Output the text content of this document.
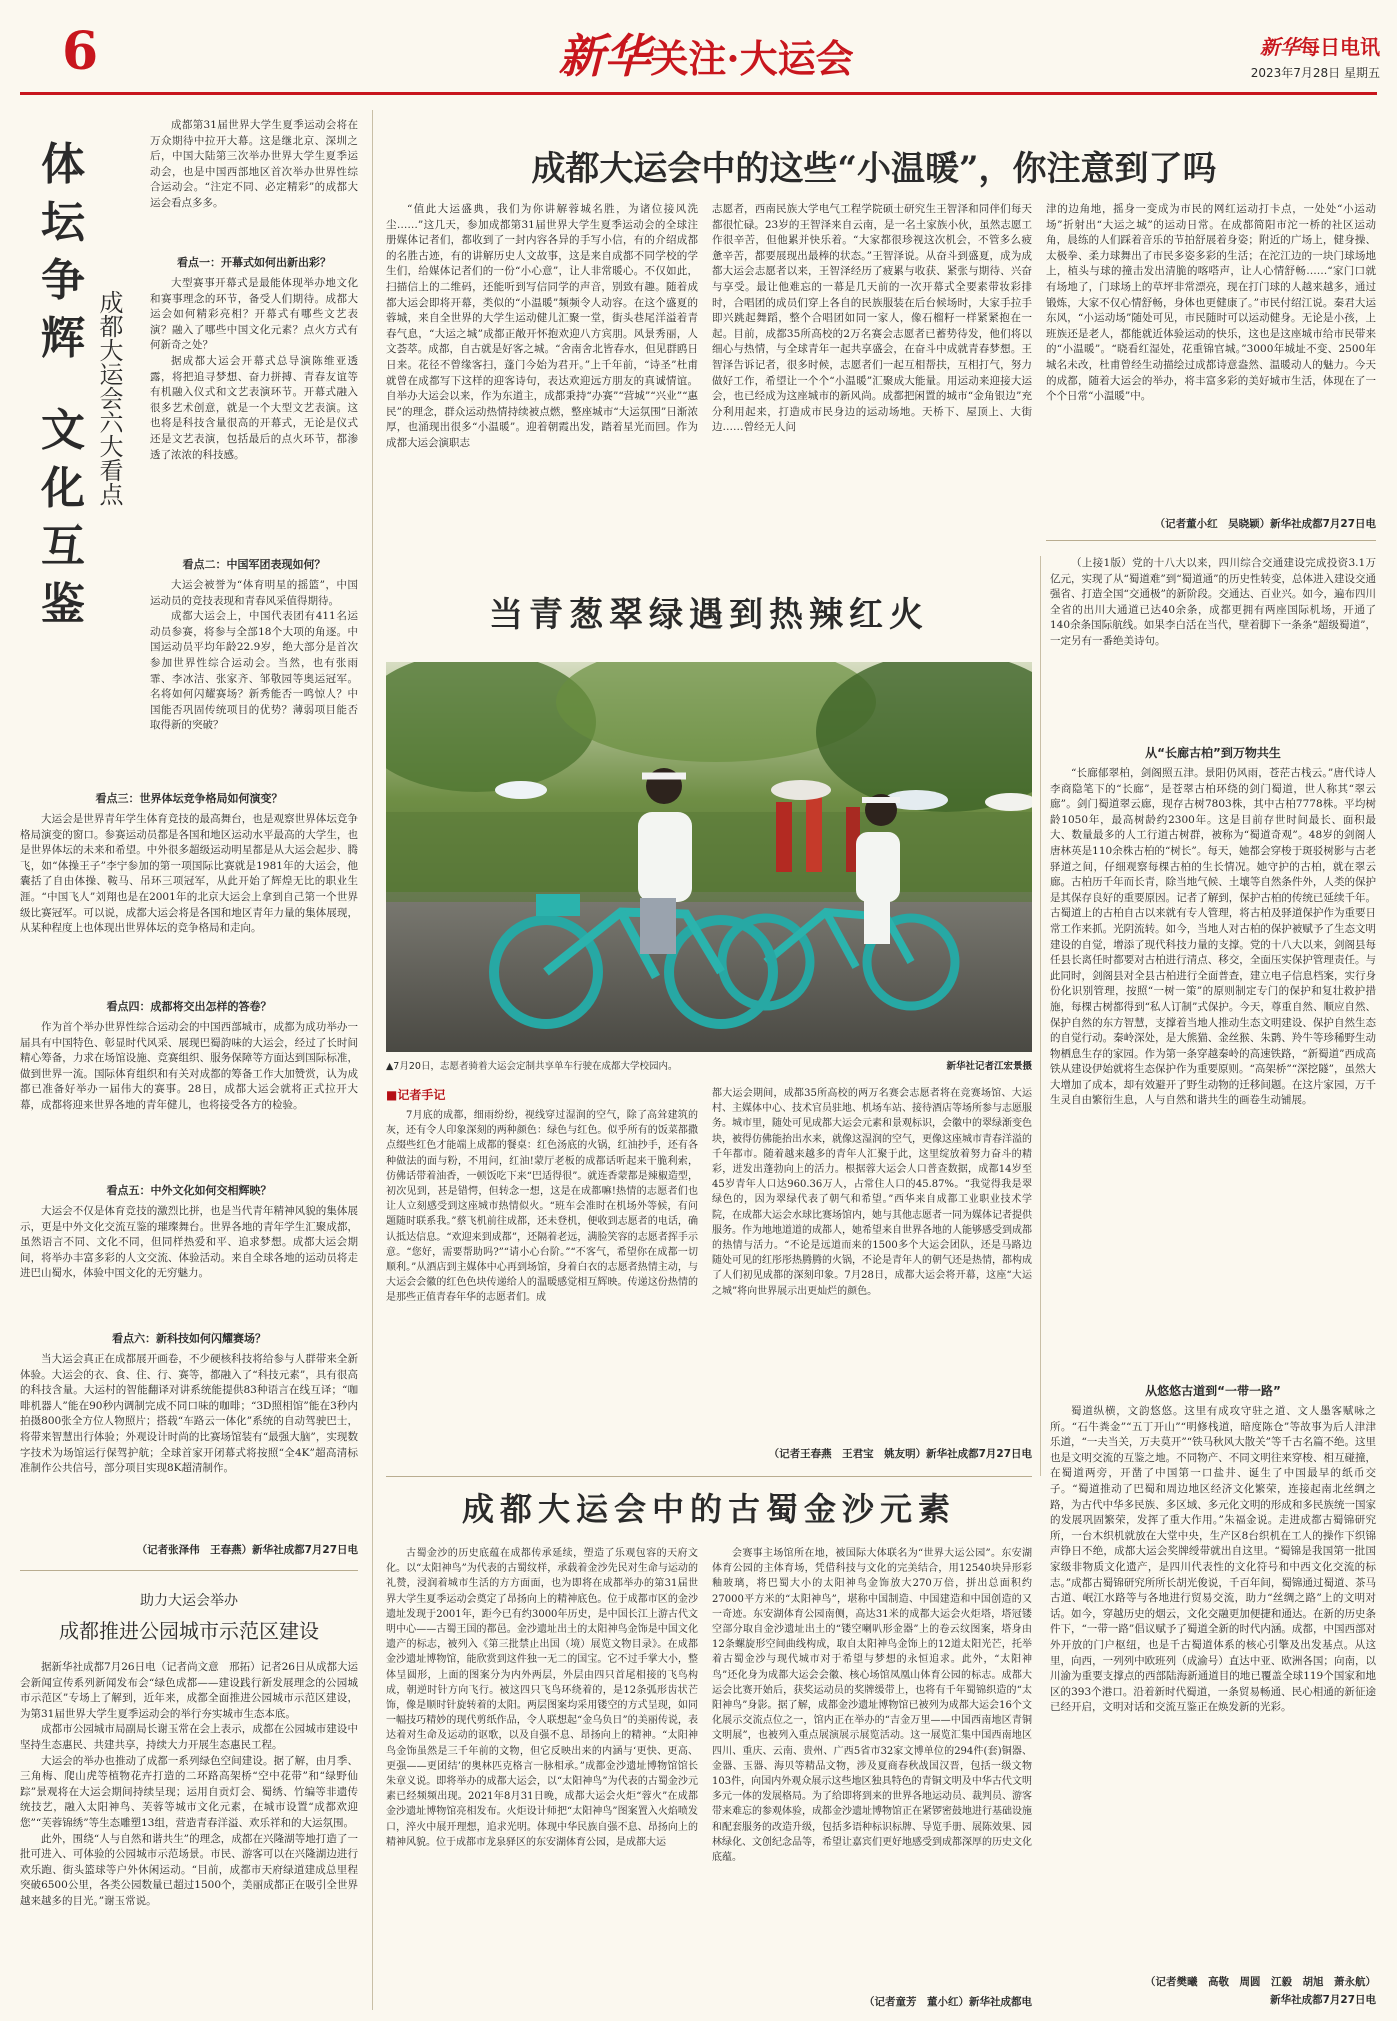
6	新华关注·大运会	新华每日电讯
2023年7月28日 星期五
体
坛
争
辉
文
化
互
鉴
成都大运会六大看点

成都第31届世界大学生夏季运动会将在万众期待中拉开大幕。这是继北京、深圳之后，中国大陆第三次举办世界大学生夏季运动会，也是中国西部地区首次举办世界性综合运动会。“注定不同、必定精彩”的成都大运会看点多多。

看点一：开幕式如何出新出彩？

大型赛事开幕式是最能体现举办地文化和赛事理念的环节，备受人们期待。成都大运会如何精彩亮相？开幕式有哪些文艺表演？融入了哪些中国文化元素？点火方式有何新奇之处？

据成都大运会开幕式总导演陈维亚透露，将把追寻梦想、奋力拼搏、青春友谊等有机融入仪式和文艺表演环节。开幕式融入很多艺术创意，就是一个大型文艺表演。这也将是科技含量很高的开幕式，无论是仪式还是文艺表演，包括最后的点火环节，都渗透了浓浓的科技感。

看点二：中国军团表现如何？

大运会被誉为“体育明星的摇篮”，中国运动员的竞技表现和青春风采值得期待。

成都大运会上，中国代表团有411名运动员参赛，将参与全部18个大项的角逐。中国运动员平均年龄22.9岁，绝大部分是首次参加世界性综合运动会。当然，也有张雨霏、李冰洁、张家齐、邹敬园等奥运冠军。名将如何闪耀赛场？新秀能否一鸣惊人？中国能否巩固传统项目的优势？薄弱项目能否取得新的突破？

看点三：世界体坛竞争格局如何演变？

大运会是世界青年学生体育竞技的最高舞台，也是观察世界体坛竞争格局演变的窗口。参赛运动员都是各国和地区运动水平最高的大学生，也是世界体坛的未来和希望。中外很多超级运动明星都是从大运会起步、腾飞，如“体操王子”李宁参加的第一项国际比赛就是1981年的大运会，他囊括了自由体操、鞍马、吊环三项冠军，从此开始了辉煌无比的职业生涯。“中国飞人”刘翔也是在2001年的北京大运会上拿到自己第一个世界级比赛冠军。可以说，成都大运会将是各国和地区青年力量的集体展现，从某种程度上也体现出世界体坛的竞争格局和走向。

看点四：成都将交出怎样的答卷？

作为首个举办世界性综合运动会的中国西部城市，成都为成功举办一届具有中国特色、彰显时代风采、展现巴蜀韵味的大运会，经过了长时间精心筹备，力求在场馆设施、竞赛组织、服务保障等方面达到国际标准，做到世界一流。国际体育组织和有关对成都的筹备工作大加赞赏，认为成都已准备好举办一届伟大的赛事。28日，成都大运会就将正式拉开大幕，成都将迎来世界各地的青年健儿，也将接受各方的检验。

看点五：中外文化如何交相辉映？

大运会不仅是体育竞技的激烈比拼，也是当代青年精神风貌的集体展示，更是中外文化交流互鉴的璀璨舞台。世界各地的青年学生汇聚成都，虽然语言不同、文化不同，但同样热爱和平、追求梦想。成都大运会期间，将举办丰富多彩的人文交流、体验活动。来自全球各地的运动员将走进巴山蜀水，体验中国文化的无穷魅力。

看点六：新科技如何闪耀赛场？

当大运会真正在成都展开画卷，不少硬核科技将给参与人群带来全新体验。大运会的衣、食、住、行、赛等，都融入了“科技元素”，具有很高的科技含量。大运村的智能翻译对讲系统能提供83种语言在线互译；“咖啡机器人”能在90秒内调制完成不同口味的咖啡；“3D照相馆”能在3秒内拍摄800张全方位人物照片；搭载“车路云一体化”系统的自动驾驶巴士，将带来智慧出行体验；外观设计时尚的比赛场馆装有“最强大脑”，实现数字技术为场馆运行保驾护航；全球首家开闭幕式将按照“全4K”超高清标准制作公共信号，部分项目实现8K超清制作。

（记者张泽伟　王春燕）新华社成都7月27日电
助力大运会举办
成都推进公园城市示范区建设

据新华社成都7月26日电（记者尚文意　邢拓）记者26日从成都大运会新闻宣传系列新闻发布会“绿色成都——建设践行新发展理念的公园城市示范区”专场上了解到，近年来，成都全面推进公园城市示范区建设，为第31届世界大学生夏季运动会的举行夯实城市生态本底。

成都市公园城市局副局长谢玉常在会上表示，成都在公园城市建设中坚持生态惠民、共建共享，持续大力开展生态惠民工程。

大运会的举办也推动了成都一系列绿色空间建设。据了解，由月季、三角梅、爬山虎等植物花卉打造的二环路高架桥“空中花带”和“绿野仙踪”景观将在大运会期间持续呈现；运用自贡灯会、蜀绣、竹编等非遗传统技艺，融入太阳神鸟、芙蓉等城市文化元素，在城市设置“成都欢迎您”“芙蓉锦绣”等生态雕塑13组，营造青春洋溢、欢乐祥和的大运氛围。

此外，围绕“人与自然和谐共生”的理念，成都在兴隆湖等地打造了一批可进入、可体验的公园城市示范场景。市民、游客可以在兴隆湖边进行欢乐跑、街头篮球等户外休闲运动。“目前，成都市天府绿道建成总里程突破6500公里，各类公园数量已超过1500个，美丽成都正在吸引全世界越来越多的目光。”谢玉常说。

成都大运会中的这些“小温暖”，你注意到了吗

“值此大运盛典，我们为你讲解蓉城名胜，为诸位接风洗尘……”这几天，参加成都第31届世界大学生夏季运动会的全球注册媒体记者们，都收到了一封内容各异的手写小信，有的介绍成都的名胜古迹，有的讲解历史人文故事，这是来自成都不同学校的学生们，给媒体记者们的一份“小心意”，让人非常暖心。不仅如此，扫描信上的二维码，还能听到写信同学的声音，别致有趣。随着成都大运会即将开幕，类似的“小温暖”频频令人动容。在这个盛夏的蓉城，来自全世界的大学生运动健儿汇聚一堂，街头巷尾洋溢着青春气息，“大运之城”成都正敞开怀抱欢迎八方宾朋。风景秀丽，人文荟萃。成都，自古就是好客之城。“舍南舍北皆春水，但见群鸥日日来。花径不曾缘客扫，蓬门今始为君开。”上千年前，“诗圣”杜甫就曾在成都写下这样的迎客诗句，表达欢迎远方朋友的真诚情谊。自举办大运会以来，作为东道主，成都秉持“办赛”“营城”“兴业”“惠民”的理念，群众运动热情持续被点燃，整座城市“大运氛围”日渐浓厚，也涌现出很多“小温暖”。迎着朝霞出发，踏着星光而回。作为成都大运会演职志

志愿者，西南民族大学电气工程学院硕士研究生王智泽和同伴们每天都很忙碌。23岁的王智泽来自云南，是一名土家族小伙，虽然志愿工作很辛苦，但他累并快乐着。“大家都很珍视这次机会，不管多么疲惫辛苦，都要展现出最棒的状态。”王智泽说。从奋斗到盛夏，成为成都大运会志愿者以来，王智泽经历了疲累与收获、紧张与期待、兴奋与享受。最让他难忘的一幕是几天前的一次开幕式全要素带妆彩排时，合唱团的成员们穿上各自的民族服装在后台候场时，大家手拉手即兴跳起舞蹈，整个合唱团如同一家人，像石榴籽一样紧紧抱在一起。目前，成都35所高校的2万名赛会志愿者已蓄势待发，他们将以细心与热情，与全球青年一起共享盛会，在奋斗中成就青春梦想。王智泽告诉记者，很多时候，志愿者们一起互相帮扶，互相打气，努力做好工作，希望让一个个“小温暖”汇聚成大能量。用运动来迎接大运会，也已经成为这座城市的新风尚。成都把闲置的城市“金角银边”充分利用起来，打造成市民身边的运动场地。天桥下、屋顶上、大街边……曾经无人问

津的边角地，摇身一变成为市民的网红运动打卡点，一处处“小运动场”折射出“大运之城”的运动日常。在成都简阳市沱一桥的社区运动角，晨练的人们踩着音乐的节拍舒展着身姿；附近的广场上，健身操、太极拳、柔力球舞出了市民多姿多彩的生活；在沱江边的一块门球场地上，植头与球的撞击发出清脆的喀嗒声，让人心情舒畅……“家门口就有场地了，门球场上的草坪非常漂亮，现在打门球的人越来越多，通过锻炼，大家不仅心情舒畅，身体也更健康了。”市民付绍江说。秦君大运东风，“小运动场”随处可见，市民随时可以运动健身。无论是小孩，上班族还是老人，都能就近体验运动的快乐，这也是这座城市给市民带来的“小温暖”。“晓看红湿处，花重锦官城。”3000年城址不变、2500年城名未改，杜甫曾经生动描绘过成都诗意盎然、温暖动人的魅力。今天的成都，随着大运会的举办，将丰富多彩的美好城市生活，体现在了一个个日常“小温暖”中。

（记者董小红　吴晓颖）新华社成都7月27日电
当青葱翠绿遇到热辣红火
▲7月20日，志愿者骑着大运会定制共享单车行驶在成都大学校园内。	新华社记者江宏景摄
■记者手记

7月底的成都，细雨纷纷，视线穿过湿润的空气，除了高耸建筑的灰，还有令人印象深刻的两种颜色：绿色与红色。似乎所有的饭菜都撒点缀些红色才能端上成都的餐桌：红色汤底的火锅，红油抄手，还有各种做法的面与粉，不用问，红油!蒙厅老板的成都话听起来干脆利索，仿佛话带着油香，一顿饭吃下来“巴适得很”。就连香蒙都是辣椒造型，初次见到，甚是错愕，但转念一想，这是在成都嘛!热情的志愿者们也让人立刻感受到这座城市热情似火。“班车会准时在机场外等候，有问题随时联系我。”蔡飞机前往成都，还未登机，便收到志愿者的电话，确认抵达信息。“欢迎来到成都”，还隔着老远，满脸笑容的志愿者挥手示意。“您好，需要帮助吗?”“请小心台阶。”“不客气，希望你在成都一切顺利。”从酒店到主媒体中心再到场馆，身着白衣的志愿者热情主动，与大运会会徽的红色色块传递给人的温暖感觉相互辉映。传递这份热情的是那些正值青春年华的志愿者们。成

都大运会期间，成都35所高校的两万名赛会志愿者将在竞赛场馆、大运村、主媒体中心、技术官员驻地、机场车站、接待酒店等场所参与志愿服务。城市里，随处可见成都大运会元素和景观标识，会徽中的翠绿渐变色块，被得仿佛能抬出水来，就像这湿润的空气，更像这座城市青春洋溢的千年都市。随着越来越多的青年人汇聚于此，这里绽放着努力奋斗的精彩，迸发出蓬勃向上的活力。根据蓉大运会人口普查数据，成都14岁至45岁青年人口达960.36万人，占常住人口的45.87%。“我觉得我是翠绿色的，因为翠绿代表了朝气和希望。”西华来自成都工业职业技术学院，在成都大运会水球比赛场馆内，她与其他志愿者一同为媒体记者提供服务。作为地地道道的成都人，她希望来自世界各地的人能够感受到成都的热情与活力。“不论是远道而来的1500多个大运会团队，还是马路边随处可见的红彤彤热腾腾的火锅，不论是青年人的朝气还是热情，都构成了人们初见成都的深刻印象。7月28日，成都大运会将开幕，这座“大运之城”将向世界展示出更灿烂的颜色。

（记者王春燕　王君宝　姚友明）新华社成都7月27日电

（上接1版）党的十八大以来，四川综合交通建设完成投资3.1万亿元，实现了从“蜀道难”到“蜀道通”的历史性转变，总体进入建设交通强省、打造全国“交通极”的新阶段。交通达、百业兴。如今，遍布四川全省的出川大通道已达40余条，成都更拥有两座国际机场，开通了140余条国际航线。如果李白活在当代，壁着脚下一条条“超级蜀道”，一定另有一番绝美诗句。

从“长廊古柏”到万物共生

“长廊郁翠柏，剑阁照五津。景阳仍风雨，苍茫古栈云。”唐代诗人李商隐笔下的“长廊”，是苍翠古柏环绕的剑门蜀道，世人称其“翠云廊”。剑门蜀道翠云廊，现存古树7803株，其中古柏7778株。平均树龄1050年，最高树龄约2300年。这是目前存世时间最长、面积最大、数量最多的人工行道古树群，被称为“蜀道奇观”。48岁的剑阁人唐林英是110余株古柏的“树长”。每天，她都会穿梭于斑驳树影与古老驿道之间，仔细观察每棵古柏的生长情况。她守护的古柏，就在翠云廊。古柏历千年而长青，除当地气候、土壤等自然条件外，人类的保护是其保存良好的重要原因。记者了解到，保护古柏的传统已延续千年。古蜀道上的古柏自古以来就有专人管理，将古柏及驿道保护作为重要日常工作来抓。光阴流转。如今，当地人对古柏的保护被赋予了生态文明建设的自觉，增添了现代科技力量的支撑。党的十八大以来，剑阁县每任县长离任时都要对古柏进行清点、移交，全面压实保护管理责任。与此同时，剑阁县对全县古柏进行全面普查，建立电子信息档案，实行身份化识别管理，按照“一树一策”的原则制定专门的保护和复壮救护措施，每棵古树都得到“私人订制”式保护。今天，尊重自然、顺应自然、保护自然的东方智慧，支撑着当地人推动生态文明建设、保护自然生态的自觉行动。秦岭深处，是大熊猫、金丝猴、朱鹮、羚牛等珍稀野生动物栖息生存的家园。作为第一条穿越秦岭的高速铁路，“新蜀道”西成高铁从建设伊始就将生态保护作为重要原则。“高架桥”“深挖隧”，虽然大大增加了成本，却有效避开了野生动物的迁移间题。在这片家园，万千生灵自由繁衍生息，人与自然和谐共生的画卷生动铺展。

从悠悠古道到“一带一路”

蜀道纵横，文韵悠悠。这里有成攻守驻之道、文人墨客赋咏之所。“石牛粪金”“五丁开山”“明修栈道，暗度陈仓”等故事为后人津津乐道，“一夫当关，万夫莫开”“铁马秋风大散关”等千古名篇不绝。这里也是文明交流的互鉴之地。不同物产、不同文明往来穿梭、相互碰撞，在蜀道两旁，开凿了中国第一口盐井、诞生了中国最早的纸币交子。“蜀道推动了巴蜀和周边地区经济文化繁荣，连接起南北丝绸之路，为古代中华多民族、多区域、多元化文明的形成和多民族统一国家的发展巩固繁荣，发挥了重大作用。”朱福金说。走进成都古蜀锦研究所，一台木织机就放在大堂中央，生产区8台织机在工人的操作下织锦声铮日不绝，成都大运会奖牌绶带就出自这里。“蜀锦是我国第一批国家级非物质文化遗产，是四川代表性的文化符号和中西文化交流的标志。”成都古蜀锦研究所所长胡光俊说，千百年间，蜀锦通过蜀道、茶马古道、岷江水路等与各地进行贸易交流，助力“丝绸之路”上的文明对话。如今，穿越历史的烟云，文化交融更加便捷和通达。在新的历史条件下，“一带一路”倡议赋予了蜀道全新的时代内涵。成都，中国西部对外开放的门户枢纽，也是千古蜀道体系的核心引擎及出发基点。从这里，向西，一列列中欧班列（成渝号）直达中亚、欧洲各国；向南，以川渝为重要支撑点的西部陆海新通道目的地已覆盖全球119个国家和地区的393个港口。沿着新时代蜀道，一条贸易畅通、民心相通的新征途已经开启，文明对话和交流互鉴正在焕发新的光彩。

（记者樊曦　高敬　周圆　江毅　胡旭　萧永航）
新华社成都7月27日电
成都大运会中的古蜀金沙元素

古蜀金沙的历史底蕴在成都传承延续，塑造了乐观包容的天府文化。以“太阳神鸟”为代表的古蜀纹样，承载着金沙先民对生命与运动的礼赞，浸润着城市生活的方方面面，也为即将在成都举办的第31届世界大学生夏季运动会奠定了昂扬向上的精神底色。位于成都市区的金沙遗址发现于2001年，距今已有约3000年历史，是中国长江上游古代文明中心——古蜀王国的都邑。金沙遗址出土的太阳神鸟金饰是中国文化遗产的标志，被列入《第三批禁止出国（境）展览文物目录》。在成都金沙遗址博物馆，能欣赏到这件独一无二的国宝。它不过手掌大小，整体呈圆形，上面的图案分为内外两层，外层由四只首尾相接的飞鸟构成，朝逆时针方向飞行。被这四只飞鸟环绕着的，是12条弧形齿状芒饰，像是顺时针旋转着的太阳。两层图案均采用镂空的方式呈现，如同一幅技巧精妙的现代剪纸作品，令人联想起“金乌负日”的美丽传说，表达着对生命及运动的讴歌，以及自强不息、昂扬向上的精神。“太阳神鸟金饰虽然是三千年前的文物，但它反映出来的内涵与‘更快、更高、更强——更团结’的奥林匹克格言一脉相承。”成都金沙遗址博物馆馆长朱章义说。即将举办的成都大运会，以“太阳神鸟”为代表的古蜀金沙元素已经频频出现。2021年8月31日晚，成都大运会火炬“蓉火”在成都金沙遗址博物馆亮相发布。火炬设计师把“太阳神鸟”图案置入火焰喷发口，淬火中展开理想，追求光明。体现中华民族自强不息、昂扬向上的精神风貌。位于成都市龙泉驿区的东安湖体育公园，是成都大运

会赛事主场馆所在地，被国际大体联名为“世界大运公园”。东安湖体育公园的主体育场，凭借科技与文化的完美结合，用12540块异形彩釉玻璃，将巴蜀大小的太阳神鸟金饰放大270万倍，拼出总面积约27000平方米的“太阳神鸟”，堪称中国制造、中国建造和中国创造的又一奇迹。东安湖体育公园南侧，高达31米的成都大运会火炬塔，塔冠镂空部分取自金沙遗址出土的“镂空喇叭形金器”上的卷云纹图案，塔身由12条螺旋形空间曲线构成，取自太阳神鸟金饰上的12道太阳光芒，托举着古蜀金沙与现代城市对于希望与梦想的永恒追求。此外，“太阳神鸟”还化身为成都大运会会徽、核心场馆凤凰山体育公园的标志。成都大运会比赛开始后，获奖运动员的奖牌缓带上，也将有千年蜀锦织造的“太阳神鸟”身影。据了解，成都金沙遗址博物馆已被列为成都大运会16个文化展示交流点位之一，馆内正在举办的“吉金万里——中国西南地区青铜文明展”，也被列入重点展演展示展览活动。这一展览汇集中国西南地区四川、重庆、云南、贵州、广西5省市32家文博单位的294件(套)铜器、金器、玉器、海贝等精品文物，涉及夏商春秋战国汉晋，包括一级文物103件，向国内外观众展示这些地区独具特色的青铜文明及中华古代文明多元一体的发展格局。为了给即将到来的世界各地运动员、裁判员、游客带来难忘的参观体验，成都金沙遗址博物馆正在紧锣密鼓地进行基础设施和配套服务的改造升级，包括多语种标识标牌、导览手册、展陈效果、园林绿化、文创纪念品等，希望让嘉宾们更好地感受到成都深厚的历史文化底蕴。

（记者童芳　董小红）新华社成都电
